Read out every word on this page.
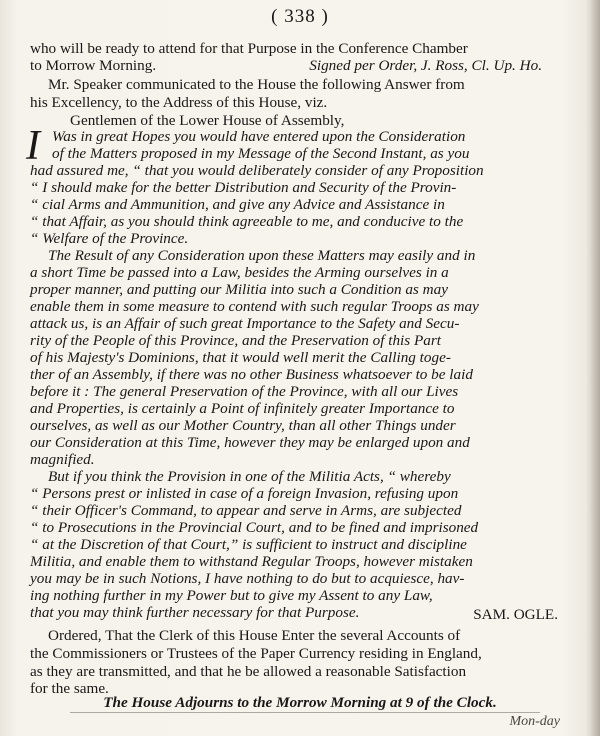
( 338 )
who will be ready to attend for that Purpose in the Conference Chamber
to Morrow Morning.	Signed per Order, J. Ross, Cl. Up. Ho.
Mr. Speaker communicated to the House the following Answer from
his Excellency, to the Address of this House, viz.
Gentlemen of the Lower House of Assembly,
I Was in great Hopes you would have entered upon the Consideration
of the Matters proposed in my Message of the Second Instant, as you
had assured me, “ that you would deliberately consider of any Proposition
“ I should make for the better Distribution and Security of the Provin-
“ cial Arms and Ammunition, and give any Advice and Assistance in
“ that Affair, as you should think agreeable to me, and conducive to the
“ Welfare of the Province.
The Result of any Consideration upon these Matters may easily and in
a short Time be passed into a Law, besides the Arming ourselves in a
proper manner, and putting our Militia into such a Condition as may
enable them in some measure to contend with such regular Troops as may
attack us, is an Affair of such great Importance to the Safety and Secu-
rity of the People of this Province, and the Preservation of this Part
of his Majesty's Dominions, that it would well merit the Calling toge-
ther of an Assembly, if there was no other Business whatsoever to be laid
before it : The general Preservation of the Province, with all our Lives
and Properties, is certainly a Point of infinitely greater Importance to
ourselves, as well as our Mother Country, than all other Things under
our Consideration at this Time, however they may be enlarged upon and
magnified.
But if you think the Provision in one of the Militia Acts, “ whereby
“ Persons prest or inlisted in case of a foreign Invasion, refusing upon
“ their Officer's Command, to appear and serve in Arms, are subjected
“ to Prosecutions in the Provincial Court, and to be fined and imprisoned
“ at the Discretion of that Court,” is sufficient to instruct and discipline
Militia, and enable them to withstand Regular Troops, however mistaken
you may be in such Notions, I have nothing to do but to acquiesce, hav-
ing nothing further in my Power but to give my Assent to any Law,
that you may think further necessary for that Purpose.	SAM. OGLE.
Ordered, That the Clerk of this House Enter the several Accounts of
the Commissioners or Trustees of the Paper Currency residing in England,
as they are transmitted, and that he be allowed a reasonable Satisfaction
for the same.
The House Adjourns to the Morrow Morning at 9 of the Clock.
Mon-day
